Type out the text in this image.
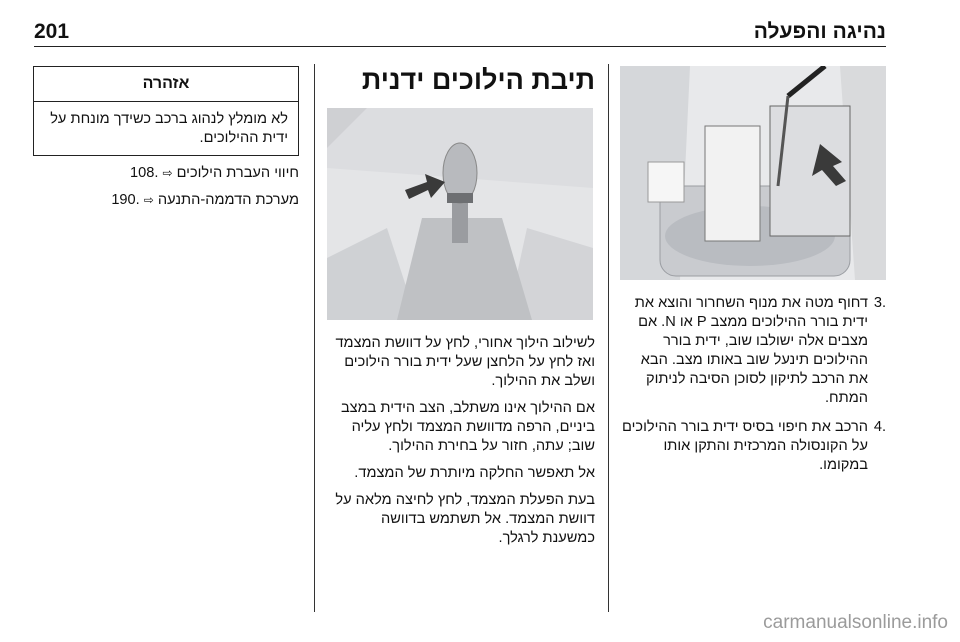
201	נהיגה והפעלה
.3
דחוף מטה את מנוף השחרור והוצא את ידית בורר ההילוכים ממצב P או N. אם מצבים אלה ישולבו שוב, ידית בורר ההילוכים תינעל שוב באותו מצב. הבא את הרכב לתיקון לסוכן הסיבה לניתוק המתח.
.4
הרכב את חיפוי בסיס ידית בורר ההילוכים על הקונסולה המרכזית והתקן אותו במקומו.
תיבת הילוכים ידנית

לשילוב הילוך אחורי, לחץ על דוושת המצמד ואז לחץ על הלחצן שעל ידית בורר הילוכים ושלב את ההילוך.

אם ההילוך אינו משתלב, הצב הידית במצב ביניים, הרפה מדוושת המצמד ולחץ עליה שוב; עתה, חזור על בחירת ההילוך.

אל תאפשר החלקה מיותרת של המצמד.

בעת הפעלת המצמד, לחץ לחיצה מלאה על דוושת המצמד. אל תשתמש בדוושה כמשענת לרגלך.

אזהרה
לא מומלץ לנהוג ברכב כשידך מונחת על ידית ההילוכים.
חיווי העברת הילוכים ⇨ .108
מערכת הדממה-התנעה ⇨ .190
carmanualsonline.info
